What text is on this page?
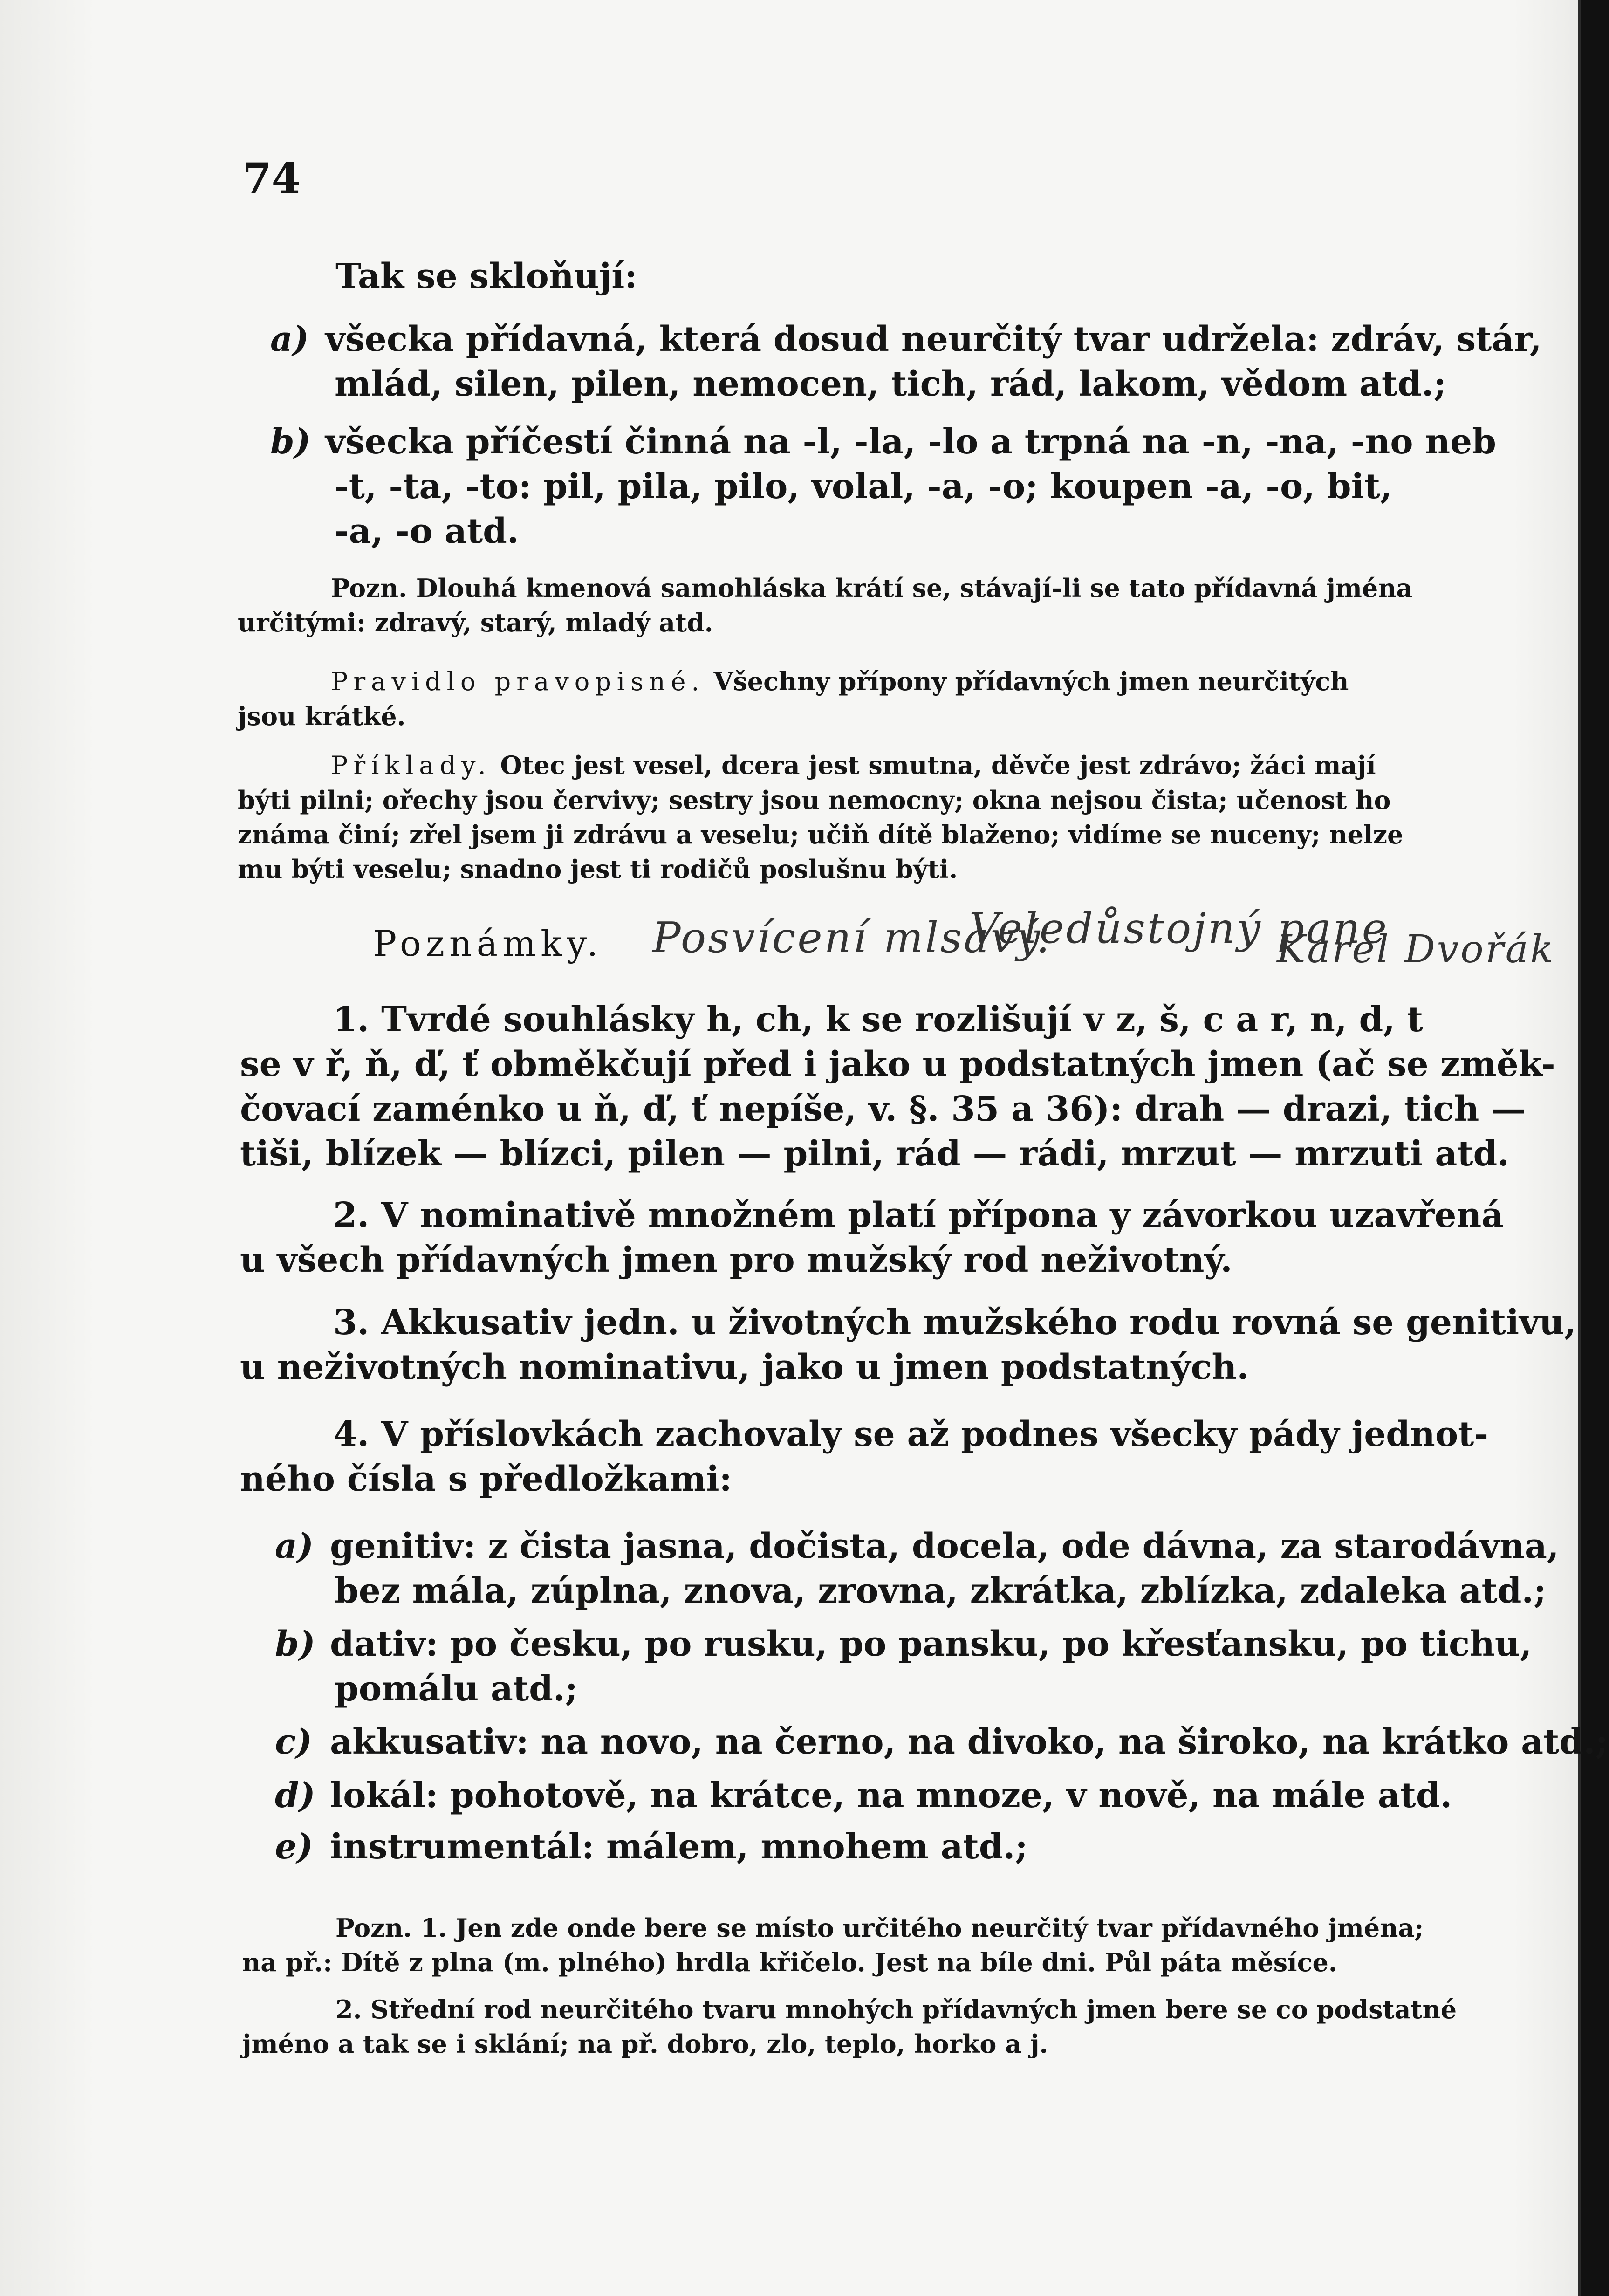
74
Tak se skloňují:
a) všecka přídavná, která dosud neurčitý tvar udržela: zdráv, stár,
mlád, silen, pilen, nemocen, tich, rád, lakom, vědom atd.;
b) všecka příčestí činná na -l, -la, -lo a trpná na -n, -na, -no neb
-t, -ta, -to: pil, pila, pilo, volal, -a, -o; koupen -a, -o, bit,
-a, -o atd.
Pozn. Dlouhá kmenová samohláska krátí se, stávají-li se tato přídavná jména
určitými: zdravý, starý, mladý atd.
Pravidlo pravopisné. Všechny přípony přídavných jmen neurčitých
jsou krátké.
Příklady. Otec jest vesel, dcera jest smutna, děvče jest zdrávo; žáci mají
býti pilni; ořechy jsou červivy; sestry jsou nemocny; okna nejsou čista; učenost ho
známa činí; zřel jsem ji zdrávu a veselu; učiň dítě blaženo; vidíme se nuceny; nelze
mu býti veselu; snadno jest ti rodičů poslušnu býti.
Poznámky. Posvícení mlsavý.
Veledůstojný pane
Karel Dvořák
1. Tvrdé souhlásky h, ch, k se rozlišují v z, š, c a r, n, d, t
se v ř, ň, ď, ť obměkčují před i jako u podstatných jmen (ač se změk-
čovací zaménko u ň, ď, ť nepíše, v. §. 35 a 36): drah — drazi, tich —
tiši, blízek — blízci, pilen — pilni, rád — rádi, mrzut — mrzuti atd.
2. V nominativě množném platí přípona y závorkou uzavřená
u všech přídavných jmen pro mužský rod neživotný.
3. Akkusativ jedn. u životných mužského rodu rovná se genitivu,
u neživotných nominativu, jako u jmen podstatných.
4. V příslovkách zachovaly se až podnes všecky pády jednot-
ného čísla s předložkami:
a) genitiv: z čista jasna, dočista, docela, ode dávna, za starodávna,
bez mála, zúplna, znova, zrovna, zkrátka, zblízka, zdaleka atd.;
b) dativ: po česku, po rusku, po pansku, po křesťansku, po tichu,
pomálu atd.;
c) akkusativ: na novo, na černo, na divoko, na široko, na krátko atd.;
d) lokál: pohotově, na krátce, na mnoze, v nově, na mále atd.
e) instrumentál: málem, mnohem atd.;
Pozn. 1. Jen zde onde bere se místo určitého neurčitý tvar přídavného jména;
na př.: Dítě z plna (m. plného) hrdla křičelo. Jest na bíle dni. Půl pátа měsíce.
2. Střední rod neurčitého tvaru mnohých přídavných jmen bere se co podstatné
jméno a tak se i sklání; na př. dobro, zlo, teplo, horko a j.
